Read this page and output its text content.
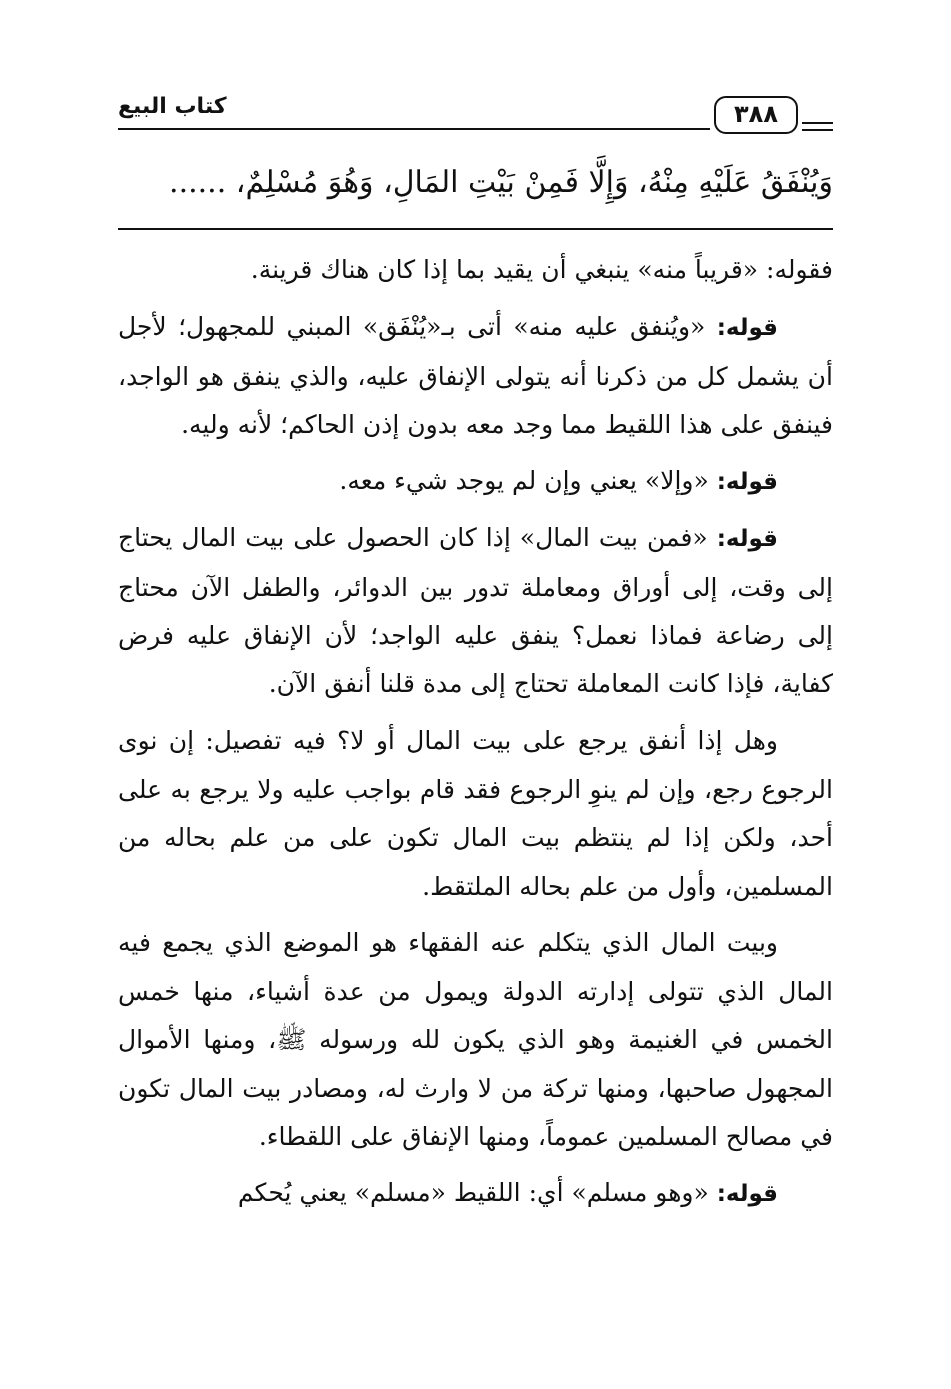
كتاب البيع	٣٨٨
وَيُنْفَقُ عَلَيْهِ مِنْهُ، وَإِلَّا فَمِنْ بَيْتِ المَالِ، وَهُوَ مُسْلِمٌ، ......

فقوله: «قريباً منه» ينبغي أن يقيد بما إذا كان هناك قرينة.

قوله: «ويُنفق عليه منه» أتى بـ«يُنْفَق» المبني للمجهول؛ لأجل أن يشمل كل من ذكرنا أنه يتولى الإنفاق عليه، والذي ينفق هو الواجد، فينفق على هذا اللقيط مما وجد معه بدون إذن الحاكم؛ لأنه وليه.

قوله: «وإلا» يعني وإن لم يوجد شيء معه.

قوله: «فمن بيت المال» إذا كان الحصول على بيت المال يحتاج إلى وقت، إلى أوراق ومعاملة تدور بين الدوائر، والطفل الآن محتاج إلى رضاعة فماذا نعمل؟ ينفق عليه الواجد؛ لأن الإنفاق عليه فرض كفاية، فإذا كانت المعاملة تحتاج إلى مدة قلنا أنفق الآن.

وهل إذا أنفق يرجع على بيت المال أو لا؟ فيه تفصيل: إن نوى الرجوع رجع، وإن لم ينوِ الرجوع فقد قام بواجب عليه ولا يرجع به على أحد، ولكن إذا لم ينتظم بيت المال تكون على من علم بحاله من المسلمين، وأول من علم بحاله الملتقط.

وبيت المال الذي يتكلم عنه الفقهاء هو الموضع الذي يجمع فيه المال الذي تتولى إدارته الدولة ويمول من عدة أشياء، منها خمس الخمس في الغنيمة وهو الذي يكون لله ورسوله ﷺ، ومنها الأموال المجهول صاحبها، ومنها تركة من لا وارث له، ومصادر بيت المال تكون في مصالح المسلمين عموماً، ومنها الإنفاق على اللقطاء.

قوله: «وهو مسلم» أي: اللقيط «مسلم» يعني يُحكم
